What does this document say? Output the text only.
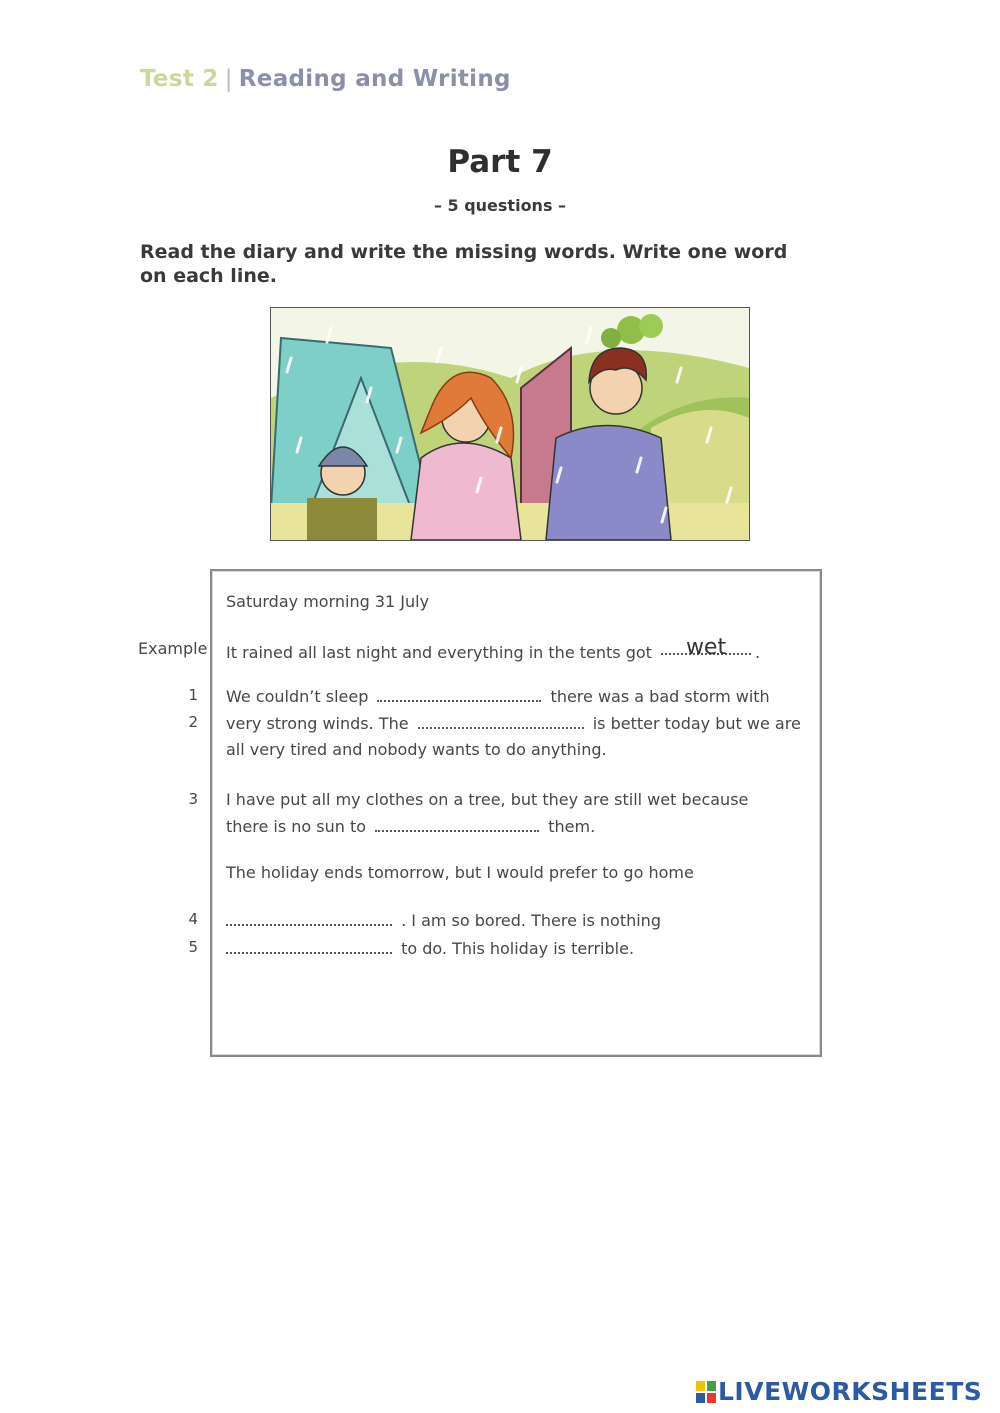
Test 2 | Reading and Writing
Part 7
– 5 questions –
Read the diary and write the missing words. Write one word on each line.
Saturday morning 31 July
Example It rained all last night and everything in the tents got wet .
1 We couldn’t sleep	there was a bad storm with
2 very strong winds. The	is better today but we are
all very tired and nobody wants to do anything.
3 I have put all my clothes on a tree, but they are still wet because
there is no sun to	them.
The holiday ends tomorrow, but I would prefer to go home
4	. I am so bored. There is nothing
5	to do. This holiday is terrible.
LIVEWORKSHEETS
